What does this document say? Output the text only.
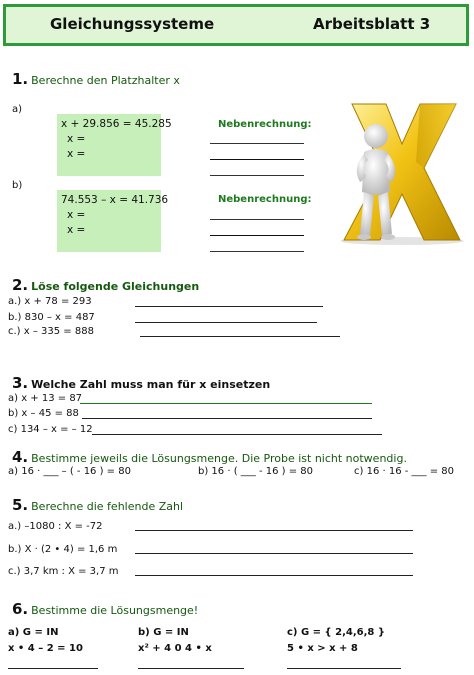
Gleichungssysteme	Arbeitsblatt 3
1. Berechne den Platzhalter x
a)
x + 29.856 = 45.285
x =
x =
Nebenrechnung:
b)
74.553 – x = 41.736
x =
x =
Nebenrechnung:
2. Löse folgende Gleichungen
a.) x + 78 = 293
b.) 830 – x = 487
c.) x – 335 = 888
3. Welche Zahl muss man für x einsetzen
a) x + 13 = 87
b) x – 45 = 88
c) 134 – x = – 12
4. Bestimme jeweils die Lösungsmenge. Die Probe ist nicht notwendig.
a) 16 · ___ – ( - 16 ) = 80	b) 16 · ( ___ - 16 ) = 80	c) 16 · 16 - ___ = 80
5. Berechne die fehlende Zahl
a.) –1080 : X = -72
b.) X · (2 • 4) = 1,6 m
c.) 3,7 km : X = 3,7 m
6. Bestimme die Lösungsmenge!
a) G = IN	b) G = IN	c) G = { 2,4,6,8 }
x • 4 – 2 = 10	x² + 4 0 4 • x	5 • x > x + 8
